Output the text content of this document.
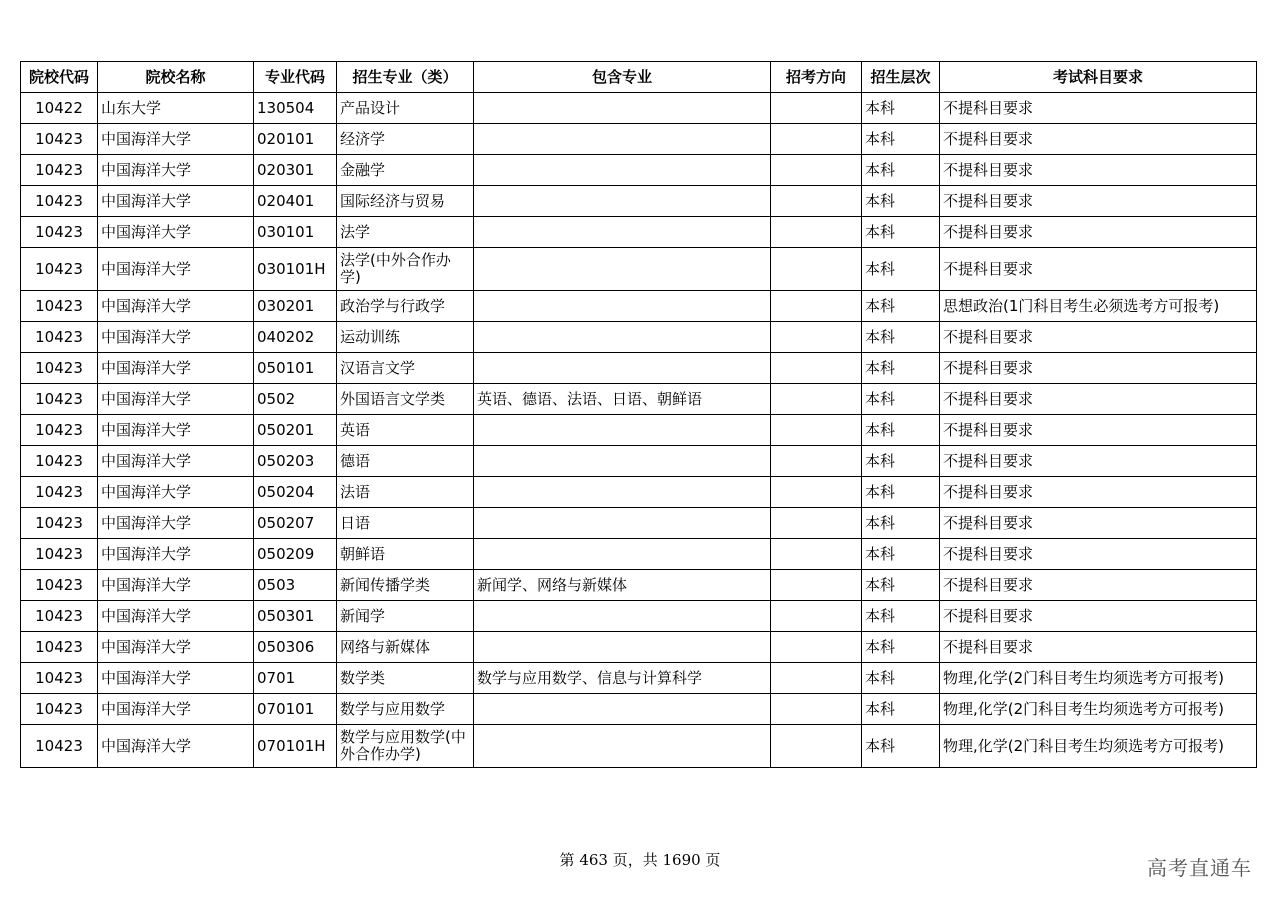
院校代码	院校名称	专业代码	招生专业（类）	包含专业	招考方向	招生层次	考试科目要求
10422	山东大学	130504	产品设计			本科	不提科目要求
10423	中国海洋大学	020101	经济学			本科	不提科目要求
10423	中国海洋大学	020301	金融学			本科	不提科目要求
10423	中国海洋大学	020401	国际经济与贸易			本科	不提科目要求
10423	中国海洋大学	030101	法学			本科	不提科目要求
10423	中国海洋大学	030101H	法学(中外合作办学)			本科	不提科目要求
10423	中国海洋大学	030201	政治学与行政学			本科	思想政治(1门科目考生必须选考方可报考)
10423	中国海洋大学	040202	运动训练			本科	不提科目要求
10423	中国海洋大学	050101	汉语言文学			本科	不提科目要求
10423	中国海洋大学	0502	外国语言文学类	英语、德语、法语、日语、朝鲜语		本科	不提科目要求
10423	中国海洋大学	050201	英语			本科	不提科目要求
10423	中国海洋大学	050203	德语			本科	不提科目要求
10423	中国海洋大学	050204	法语			本科	不提科目要求
10423	中国海洋大学	050207	日语			本科	不提科目要求
10423	中国海洋大学	050209	朝鲜语			本科	不提科目要求
10423	中国海洋大学	0503	新闻传播学类	新闻学、网络与新媒体		本科	不提科目要求
10423	中国海洋大学	050301	新闻学			本科	不提科目要求
10423	中国海洋大学	050306	网络与新媒体			本科	不提科目要求
10423	中国海洋大学	0701	数学类	数学与应用数学、信息与计算科学		本科	物理,化学(2门科目考生均须选考方可报考)
10423	中国海洋大学	070101	数学与应用数学			本科	物理,化学(2门科目考生均须选考方可报考)
10423	中国海洋大学	070101H	数学与应用数学(中外合作办学)			本科	物理,化学(2门科目考生均须选考方可报考)
第 463 页，共 1690 页	高考直通车
